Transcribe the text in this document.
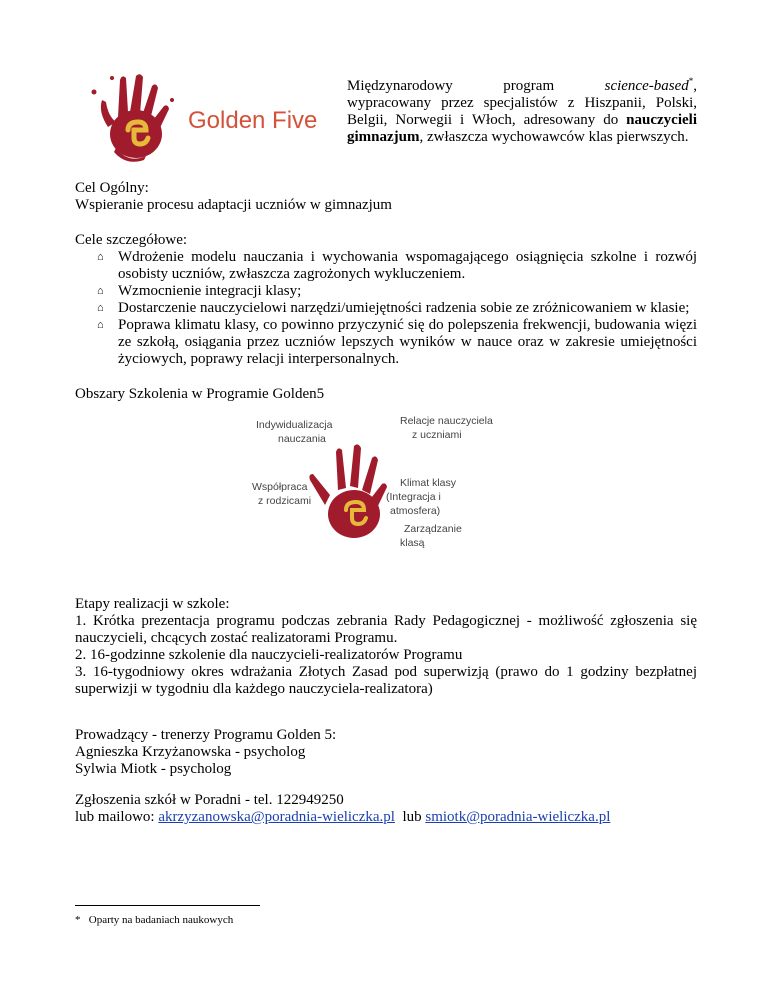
Golden Five
Międzynarodowy	program	science-based*,
wypracowany przez specjalistów z Hiszpanii, Polski, Belgii, Norwegii i Włoch, adresowany do nauczycieli gimnazjum, zwłaszcza wychowawców klas pierwszych.

Cel Ogólny:

Wspieranie procesu adaptacji uczniów w gimnazjum

Cele szczegółowe:

⌂ Wdrożenie modelu nauczania i wychowania wspomagającego osiągnięcia szkolne i rozwój osobisty uczniów, zwłaszcza zagrożonych wykluczeniem.
⌂ Wzmocnienie integracji klasy;
⌂ Dostarczenie nauczycielowi narzędzi/umiejętności radzenia sobie ze zróżnicowaniem w klasie;
⌂ Poprawa klimatu klasy, co powinno przyczynić się do polepszenia frekwencji, budowania więzi ze szkołą, osiągania przez uczniów lepszych wyników w nauce oraz w zakresie umiejętności życiowych, poprawy relacji interpersonalnych.
Obszary Szkolenia w Programie Golden5
Indywidualizacja
nauczania
Relacje nauczyciela
z uczniami
Współpraca
z rodzicami
Klimat klasy
(Integracja i
atmosfera)
Zarządzanie
klasą

Etapy realizacji w szkole:

1. Krótka prezentacja programu podczas zebrania Rady Pedagogicznej - możliwość zgłoszenia się nauczycieli, chcących zostać realizatorami Programu.

2. 16-godzinne szkolenie dla nauczycieli-realizatorów Programu

3. 16-tygodniowy okres wdrażania Złotych Zasad pod superwizją (prawo do 1 godziny bezpłatnej superwizji w tygodniu dla każdego nauczyciela-realizatora)

Prowadzący - trenerzy Programu Golden 5:

Agnieszka Krzyżanowska - psycholog

Sylwia Miotk - psycholog

Zgłoszenia szkół w Poradni - tel. 122949250

lub mailowo: akrzyzanowska@poradnia-wieliczka.pl  lub smiotk@poradnia-wieliczka.pl

* Oparty na badaniach naukowych
